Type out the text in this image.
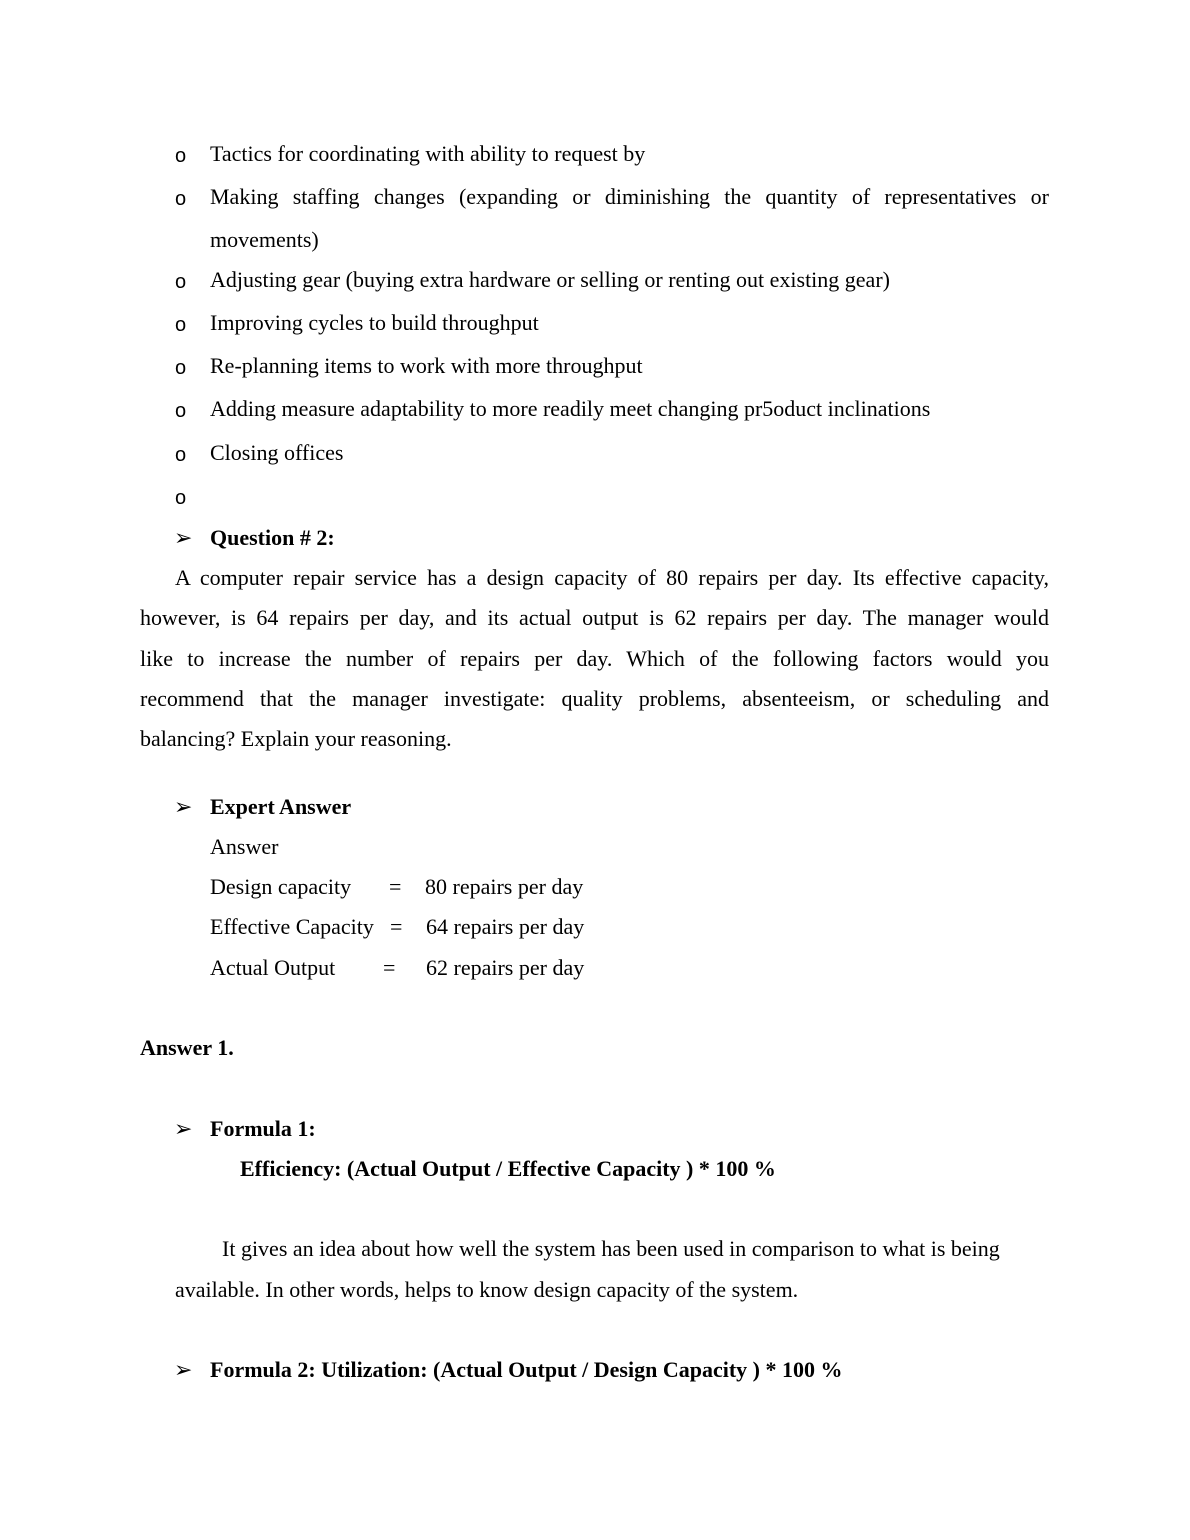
o Tactics for coordinating with ability to request by
o Making staffing changes (expanding or diminishing the quantity of representatives or
movements)
o Adjusting gear (buying extra hardware or selling or renting out existing gear)
o Improving cycles to build throughput
o Re-planning items to work with more throughput
o Adding measure adaptability to more readily meet changing pr5oduct inclinations
o Closing offices
o
➢ Question # 2:
A computer repair service has a design capacity of 80 repairs per day. Its effective capacity,
however, is 64 repairs per day, and its actual output is 62 repairs per day. The manager would
like to increase the number of repairs per day. Which of the following factors would you
recommend that the manager investigate: quality problems, absenteeism, or scheduling and
balancing? Explain your reasoning.
➢ Expert Answer
Answer
Design capacity = 80 repairs per day
Effective Capacity = 64 repairs per day
Actual Output = 62 repairs per day
Answer 1.
➢ Formula 1:
Efficiency: (Actual Output / Effective Capacity ) * 100 %
It gives an idea about how well the system has been used in comparison to what is being
available. In other words, helps to know design capacity of the system.
➢ Formula 2: Utilization: (Actual Output / Design Capacity ) * 100 %
